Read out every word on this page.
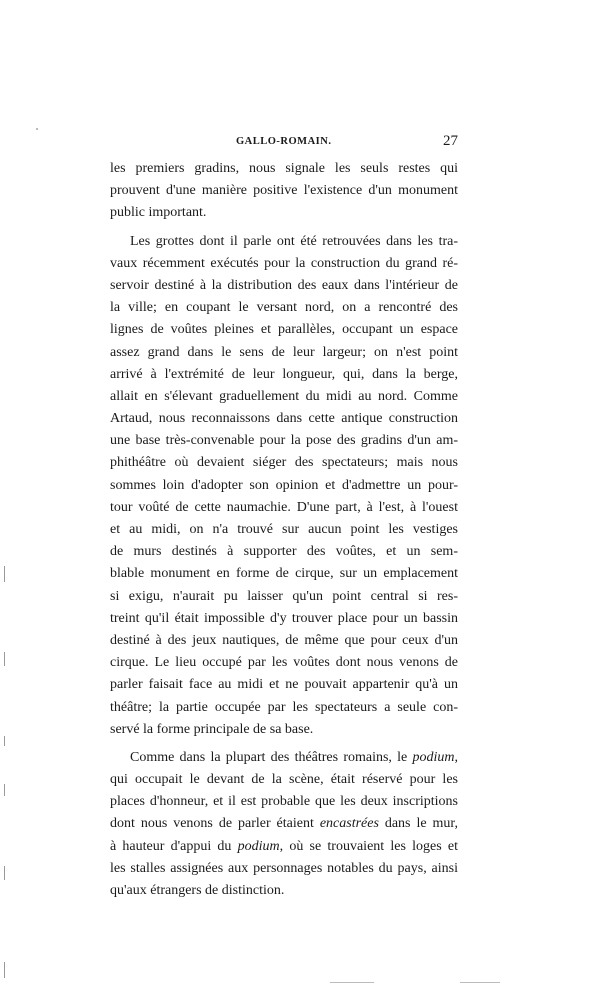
GALLO-ROMAIN.	27
les premiers gradins, nous signale les seuls restes qui
prouvent d'une manière positive l'existence d'un monument
public important.
Les grottes dont il parle ont été retrouvées dans les tra-
vaux récemment exécutés pour la construction du grand ré-
servoir destiné à la distribution des eaux dans l'intérieur de
la ville; en coupant le versant nord, on a rencontré des
lignes de voûtes pleines et parallèles, occupant un espace
assez grand dans le sens de leur largeur; on n'est point
arrivé à l'extrémité de leur longueur, qui, dans la berge,
allait en s'élevant graduellement du midi au nord. Comme
Artaud, nous reconnaissons dans cette antique construction
une base très-convenable pour la pose des gradins d'un am-
phithéâtre où devaient siéger des spectateurs; mais nous
sommes loin d'adopter son opinion et d'admettre un pour-
tour voûté de cette naumachie. D'une part, à l'est, à l'ouest
et au midi, on n'a trouvé sur aucun point les vestiges
de murs destinés à supporter des voûtes, et un sem-
blable monument en forme de cirque, sur un emplacement
si exigu, n'aurait pu laisser qu'un point central si res-
treint qu'il était impossible d'y trouver place pour un bassin
destiné à des jeux nautiques, de même que pour ceux d'un
cirque. Le lieu occupé par les voûtes dont nous venons de
parler faisait face au midi et ne pouvait appartenir qu'à un
théâtre; la partie occupée par les spectateurs a seule con-
servé la forme principale de sa base.
Comme dans la plupart des théâtres romains, le podium,
qui occupait le devant de la scène, était réservé pour les
places d'honneur, et il est probable que les deux inscriptions
dont nous venons de parler étaient encastrées dans le mur,
à hauteur d'appui du podium, où se trouvaient les loges et
les stalles assignées aux personnages notables du pays, ainsi
qu'aux étrangers de distinction.
